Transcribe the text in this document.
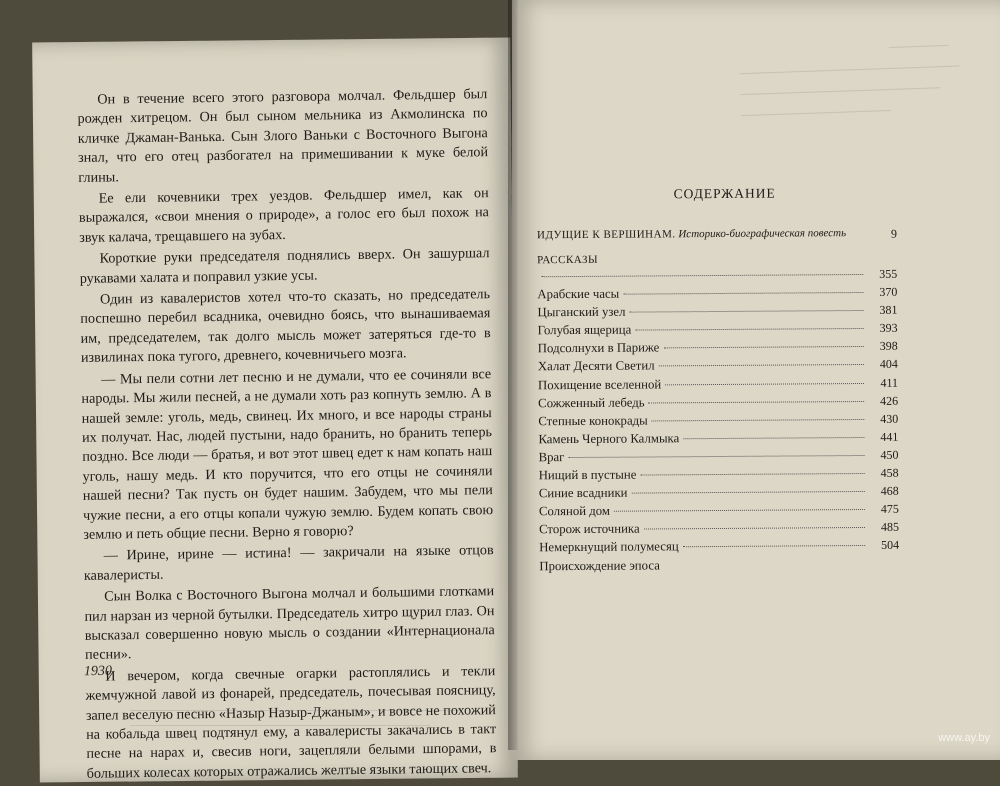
Он в течение всего этого разговора молчал. Фельдшер был рожден хитрецом. Он был сыном мельника из Акмолинска по кличке Джаман-Ванька. Сын Злого Ваньки с Восточного Выгона знал, что его отец разбогател на примешивании к муке белой глины.

Ее ели кочевники трех уездов. Фельдшер имел, как он выражался, «свои мнения о природе», а голос его был похож на звук калача, трещавшего на зубах.

Короткие руки председателя поднялись вверх. Он зашуршал рукавами халата и поправил узкие усы.

Один из кавалеристов хотел что-то сказать, но председатель поспешно перебил всадника, очевидно боясь, что вынашиваемая им, председателем, так долго мысль может затеряться где-то в извилинах пока тугого, древнего, кочевничьего мозга.

— Мы пели сотни лет песню и не думали, что ее сочиняли все народы. Мы жили песней, а не думали хоть раз копнуть землю. А в нашей земле: уголь, медь, свинец. Их много, и все народы страны их получат. Нас, людей пустыни, надо бранить, но бранить теперь поздно. Все люди — братья, и вот этот швец едет к нам копать наш уголь, нашу медь. И кто поручится, что его отцы не сочиняли нашей песни? Так пусть он будет нашим. Забудем, что мы пели чужие песни, а его отцы копали чужую землю. Будем копать свою землю и петь общие песни. Верно я говорю?

— Ирине, ирине — истина! — закричали на языке отцов кавалеристы.

Сын Волка с Восточного Выгона молчал и большими глотками пил нарзан из черной бутылки. Председатель хитро щурил глаз. Он высказал совершенно новую мысль о создании «Интернационала песни».

И вечером, когда свечные огарки растоплялись и текли жемчужной лавой из фонарей, председатель, почесывая поясницу, запел веселую песню «Назыр Назыр-Джаным», и вовсе не похожий на кобальда швец подтянул ему, а кавалеристы закачались в такт песне на нарах и, свесив ноги, зацепляли белыми шпорами, в больших колесах которых отражались желтые языки тающих свеч.

1930
СОДЕРЖАНИЕ
ИДУЩИЕ К ВЕРШИНАМ. Историко-биографическая повесть	9
РАССКАЗЫ
355
Арабские часы	370
Цыганский узел	381
Голубая ящерица	393
Подсолнухи в Париже	398
Халат Десяти Светил	404
Похищение вселенной	411
Сожженный лебедь	426
Степные конокрады	430
Камень Черного Калмыка	441
Враг	450
Нищий в пустыне	458
Синие всадники	468
Соляной дом	475
Сторож источника	485
Немеркнущий полумесяц	504
Происхождение эпоса
www.ay.by
